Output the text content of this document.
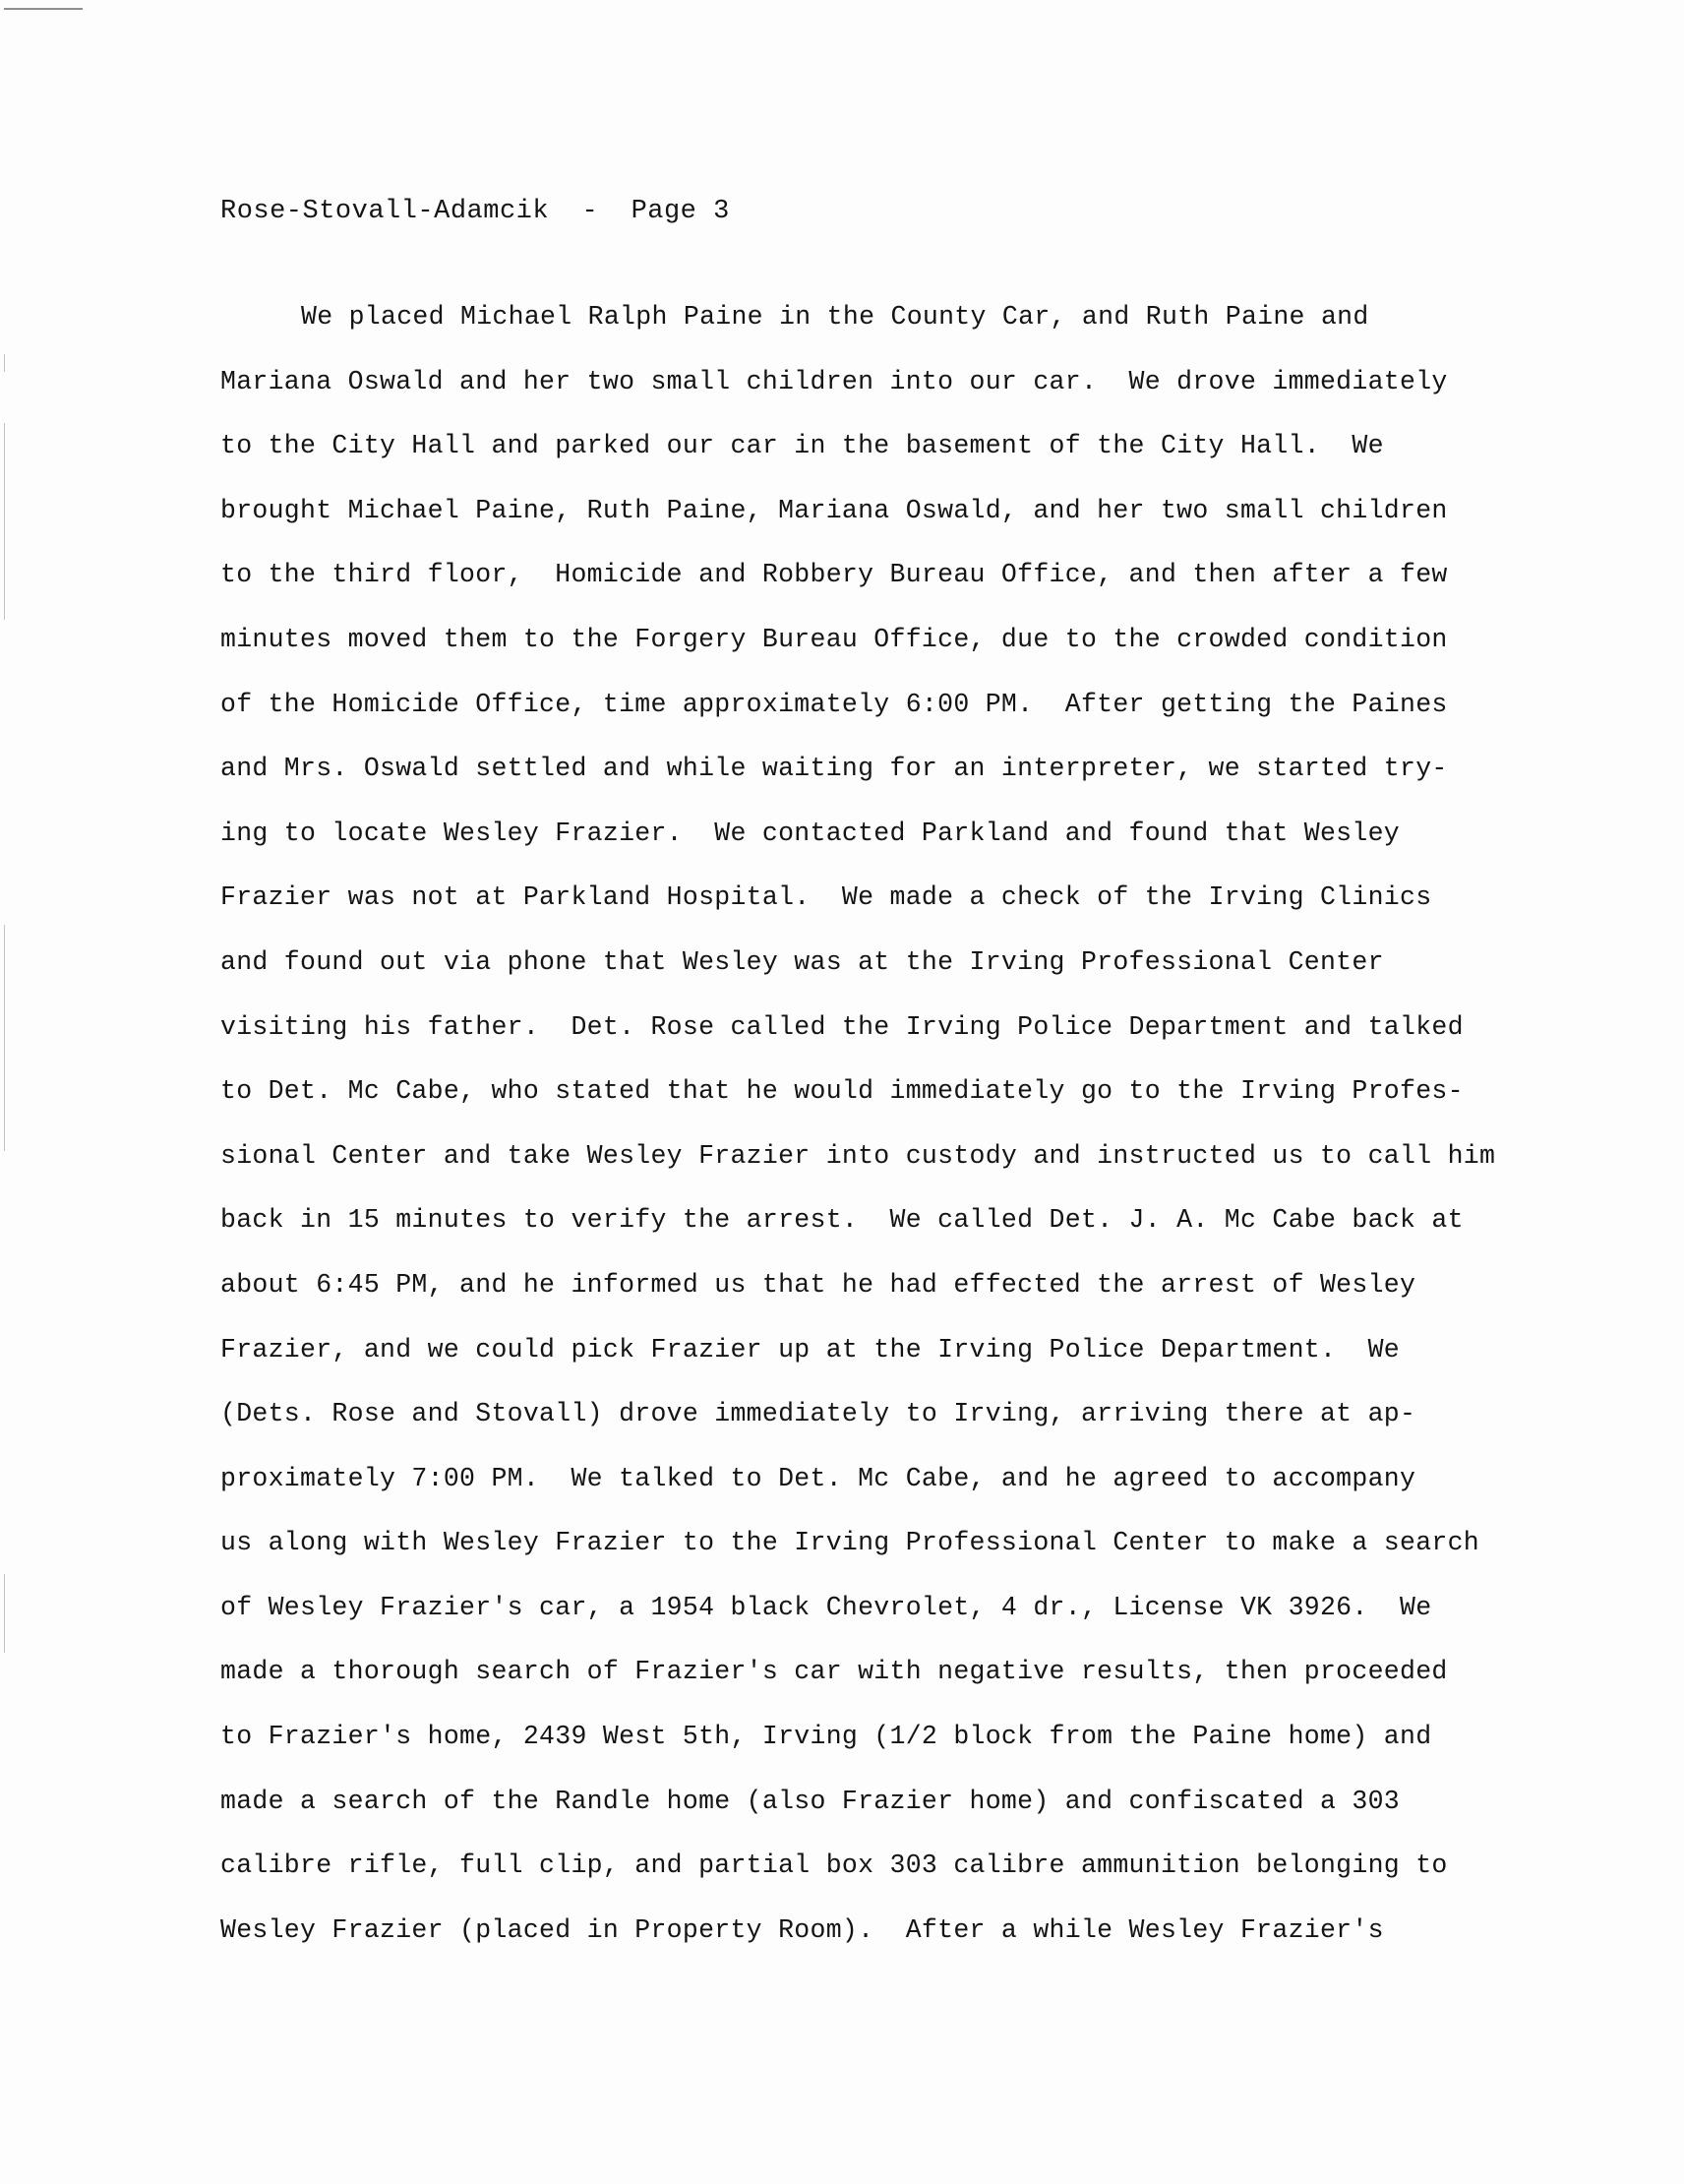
Rose-Stovall-Adamcik  -  Page 3
We placed Michael Ralph Paine in the County Car, and Ruth Paine and
Mariana Oswald and her two small children into our car.  We drove immediately
to the City Hall and parked our car in the basement of the City Hall.  We
brought Michael Paine, Ruth Paine, Mariana Oswald, and her two small children
to the third floor,  Homicide and Robbery Bureau Office, and then after a few
minutes moved them to the Forgery Bureau Office, due to the crowded condition
of the Homicide Office, time approximately 6:00 PM.  After getting the Paines
and Mrs. Oswald settled and while waiting for an interpreter, we started try-
ing to locate Wesley Frazier.  We contacted Parkland and found that Wesley
Frazier was not at Parkland Hospital.  We made a check of the Irving Clinics
and found out via phone that Wesley was at the Irving Professional Center
visiting his father.  Det. Rose called the Irving Police Department and talked
to Det. Mc Cabe, who stated that he would immediately go to the Irving Profes-
sional Center and take Wesley Frazier into custody and instructed us to call him
back in 15 minutes to verify the arrest.  We called Det. J. A. Mc Cabe back at
about 6:45 PM, and he informed us that he had effected the arrest of Wesley
Frazier, and we could pick Frazier up at the Irving Police Department.  We
(Dets. Rose and Stovall) drove immediately to Irving, arriving there at ap-
proximately 7:00 PM.  We talked to Det. Mc Cabe, and he agreed to accompany
us along with Wesley Frazier to the Irving Professional Center to make a search
of Wesley Frazier's car, a 1954 black Chevrolet, 4 dr., License VK 3926.  We
made a thorough search of Frazier's car with negative results, then proceeded
to Frazier's home, 2439 West 5th, Irving (1/2 block from the Paine home) and
made a search of the Randle home (also Frazier home) and confiscated a 303
calibre rifle, full clip, and partial box 303 calibre ammunition belonging to
Wesley Frazier (placed in Property Room).  After a while Wesley Frazier's
